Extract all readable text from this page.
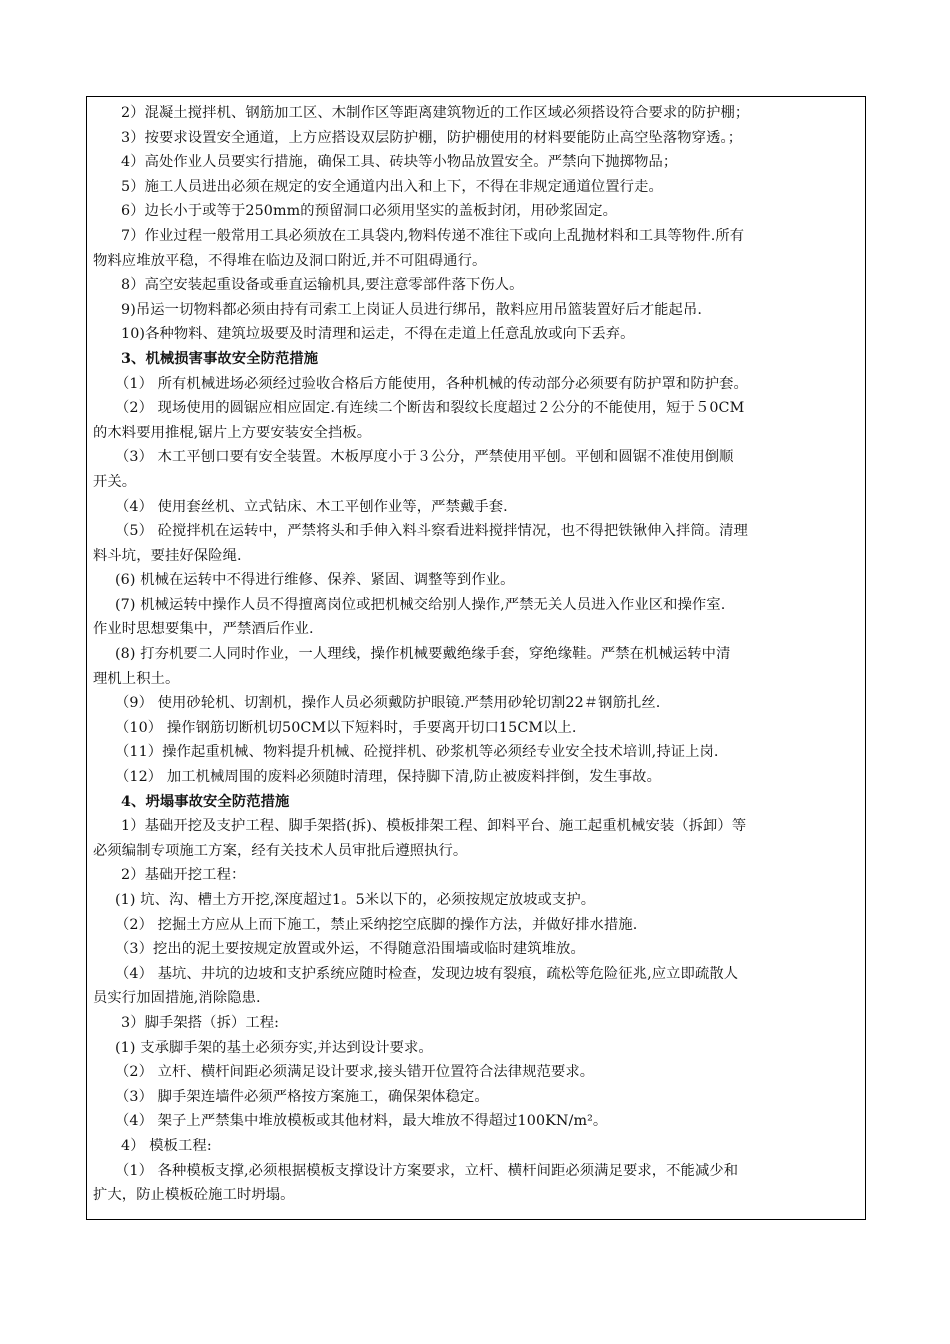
2）混凝土搅拌机、钢筋加工区、木制作区等距离建筑物近的工作区域必须搭设符合要求的防护棚；
3）按要求设置安全通道，上方应搭设双层防护棚，防护棚使用的材料要能防止高空坠落物穿透。；
4）高处作业人员要实行措施，确保工具、砖块等小物品放置安全。严禁向下抛掷物品；
5）施工人员进出必须在规定的安全通道内出入和上下，不得在非规定通道位置行走。
6）边长小于或等于250mm的预留洞口必须用坚实的盖板封闭，用砂浆固定。
7）作业过程一般常用工具必须放在工具袋内,物料传递不准往下或向上乱抛材料和工具等物件.所有
物料应堆放平稳，不得堆在临边及洞口附近,并不可阻碍通行。
8）高空安装起重设备或垂直运输机具,要注意零部件落下伤人。
9)吊运一切物料都必须由持有司索工上岗证人员进行绑吊，散料应用吊篮装置好后才能起吊.
10)各种物料、建筑垃圾要及时清理和运走，不得在走道上任意乱放或向下丢弃。
3、机械损害事故安全防范措施
（1） 所有机械进场必须经过验收合格后方能使用，各种机械的传动部分必须要有防护罩和防护套。
（2） 现场使用的圆锯应相应固定.有连续二个断齿和裂纹长度超过２公分的不能使用，短于５0CM
的木料要用推棍,锯片上方要安装安全挡板。
（3） 木工平刨口要有安全装置。木板厚度小于３公分，严禁使用平刨。平刨和圆锯不准使用倒顺
开关。
（4） 使用套丝机、立式钻床、木工平刨作业等，严禁戴手套.
（5） 砼搅拌机在运转中，严禁将头和手伸入料斗察看进料搅拌情况，也不得把铁锹伸入拌筒。清理
料斗坑，要挂好保险绳.
(6) 机械在运转中不得进行维修、保养、紧固、调整等到作业。
(7) 机械运转中操作人员不得擅离岗位或把机械交给别人操作,严禁无关人员进入作业区和操作室.
作业时思想要集中，严禁酒后作业.
(8) 打夯机要二人同时作业，一人理线，操作机械要戴绝缘手套，穿绝缘鞋。严禁在机械运转中清
理机上积土。
（9） 使用砂轮机、切割机，操作人员必须戴防护眼镜.严禁用砂轮切割22＃钢筋扎丝.
（10） 操作钢筋切断机切50CM以下短料时，手要离开切口15CM以上.
（11）操作起重机械、物料提升机械、砼搅拌机、砂浆机等必须经专业安全技术培训,持证上岗.
（12） 加工机械周围的废料必须随时清理，保持脚下清,防止被废料拌倒，发生事故。
4、坍塌事故安全防范措施
1）基础开挖及支护工程、脚手架搭(拆)、模板排架工程、卸料平台、施工起重机械安装（拆卸）等
必须编制专项施工方案，经有关技术人员审批后遵照执行。
2）基础开挖工程：
(1) 坑、沟、槽土方开挖,深度超过1。5米以下的，必须按规定放坡或支护。
（2） 挖掘土方应从上而下施工，禁止采纳挖空底脚的操作方法，并做好排水措施.
（3）挖出的泥土要按规定放置或外运，不得随意沿围墙或临时建筑堆放。
（4） 基坑、井坑的边坡和支护系统应随时检查，发现边坡有裂痕，疏松等危险征兆,应立即疏散人
员实行加固措施,消除隐患.
3）脚手架搭（拆）工程:
(1) 支承脚手架的基土必须夯实,并达到设计要求。
（2） 立杆、横杆间距必须满足设计要求,接头错开位置符合法律规范要求。
（3） 脚手架连墙件必须严格按方案施工，确保架体稳定。
（4） 架子上严禁集中堆放模板或其他材料，最大堆放不得超过100KN/m²。
4） 模板工程:
（1） 各种模板支撑,必须根据模板支撑设计方案要求，立杆、横杆间距必须满足要求，不能减少和
扩大，防止模板砼施工时坍塌。
